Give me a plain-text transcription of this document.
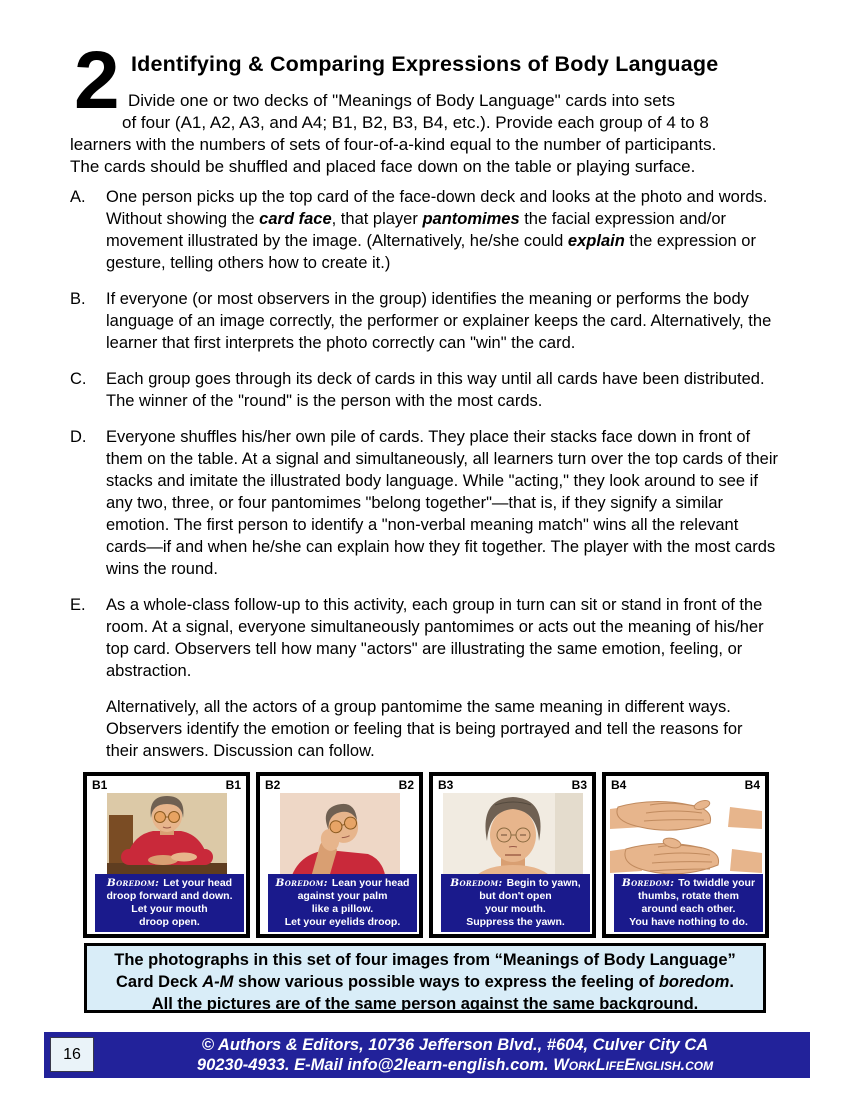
2 Identifying & Comparing Expressions of Body Language
Divide one or two decks of "Meanings of Body Language" cards into sets
of four (A1, A2, A3, and A4; B1, B2, B3, B4, etc.). Provide each group of 4 to 8
learners with the numbers of sets of four-of-a-kind equal to the number of participants.
The cards should be shuffled and placed face down on the table or playing surface.
A.	One person picks up the top card of the face-down deck and looks at the photo and words. Without showing the card face, that player pantomimes the facial expression and/or movement illustrated by the image. (Alternatively, he/she could explain the expression or gesture, telling others how to create it.)
B.	If everyone (or most observers in the group) identifies the meaning or performs the body language of an image correctly, the performer or explainer keeps the card. Alternatively, the learner that first interprets the photo correctly can "win" the card.
C.	Each group goes through its deck of cards in this way until all cards have been distributed. The winner of the "round" is the person with the most cards.
D.	Everyone shuffles his/her own pile of cards. They place their stacks face down in front of them on the table. At a signal and simultaneously, all learners turn over the top cards of their stacks and imitate the illustrated body language. While "acting," they look around to see if any two, three, or four pantomimes "belong together"—that is, if they signify a similar emotion. The first person to identify a "non-verbal meaning match" wins all the relevant cards—if and when he/she can explain how they fit together. The player with the most cards wins the round.
E.	As a whole-class follow-up to this activity, each group in turn can sit or stand in front of the room. At a signal, everyone simultaneously pantomimes or acts out the meaning of his/her top card. Observers tell how many "actors" are illustrating the same emotion, feeling, or abstraction.
Alternatively, all the actors of a group pantomime the same meaning in different ways. Observers identify the emotion or feeling that is being portrayed and tell the reasons for their answers. Discussion can follow.
B1	B1
Boredom: Let your head
droop forward and down.
Let your mouth
droop open.
B2	B2
Boredom: Lean your head
against your palm
like a pillow.
Let your eyelids droop.
B3	B3
Boredom: Begin to yawn,
but don't open
your mouth.
Suppress the yawn.
B4	B4
Boredom: To twiddle your
thumbs, rotate them
around each other.
You have nothing to do.
The photographs in this set of four images from “Meanings of Body Language”
Card Deck A-M show various possible ways to express the feeling of boredom.
All the pictures are of the same person against the same background.
16	© Authors & Editors, 10736 Jefferson Blvd., #604, Culver City CA
90230-4933. E-Mail info@2learn-english.com. WorkLifeEnglish.com
